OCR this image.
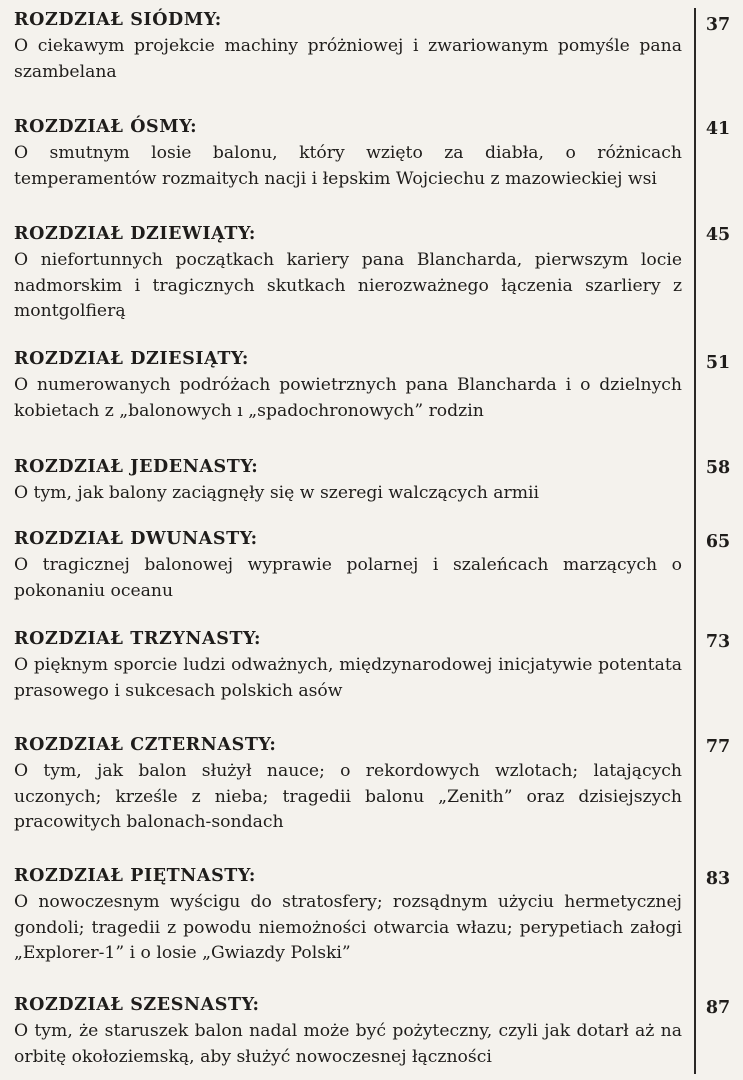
ROZDZIAŁ SIÓDMY:
O ciekawym projekcie machiny próżniowej i zwariowanym pomyśle pana szambelana
37
ROZDZIAŁ ÓSMY:
O smutnym losie balonu, który wzięto za diabła, o różnicach temperamentów rozmaitych nacji i łepskim Wojciechu z mazowieckiej wsi
41
ROZDZIAŁ DZIEWIĄTY:
O niefortunnych początkach kariery pana Blancharda, pierwszym locie nadmorskim i tragicznych skutkach nierozważnego łączenia szarliery z montgolfierą
45
ROZDZIAŁ DZIESIĄTY:
O numerowanych podróżach powietrznych pana Blancharda i o dzielnych kobietach z „balonowych ı „spadochronowych” rodzin
51
ROZDZIAŁ JEDENASTY:
O tym, jak balony zaciągnęły się w szeregi walczących armii
58
ROZDZIAŁ DWUNASTY:
O tragicznej balonowej wyprawie polarnej i szaleńcach marzących o pokonaniu oceanu
65
ROZDZIAŁ TRZYNASTY:
O pięknym sporcie ludzi odważnych, międzynarodowej inicjatywie potentata prasowego i sukcesach polskich asów
73
ROZDZIAŁ CZTERNASTY:
O tym, jak balon służył nauce; o rekordowych wzlotach; latających uczonych; krześle z nieba; tragedii balonu „Zenith” oraz dzisiejszych pracowitych balonach-sondach
77
ROZDZIAŁ PIĘTNASTY:
O nowoczesnym wyścigu do stratosfery; rozsądnym użyciu hermetycznej gondoli; tragedii z powodu niemożności otwarcia włazu; perypetiach załogi „Explorer-1” i o losie „Gwiazdy Polski”
83
ROZDZIAŁ SZESNASTY:
O tym, że staruszek balon nadal może być pożyteczny, czyli jak dotarł aż na orbitę okołoziemską, aby służyć nowoczesnej łączności
87
